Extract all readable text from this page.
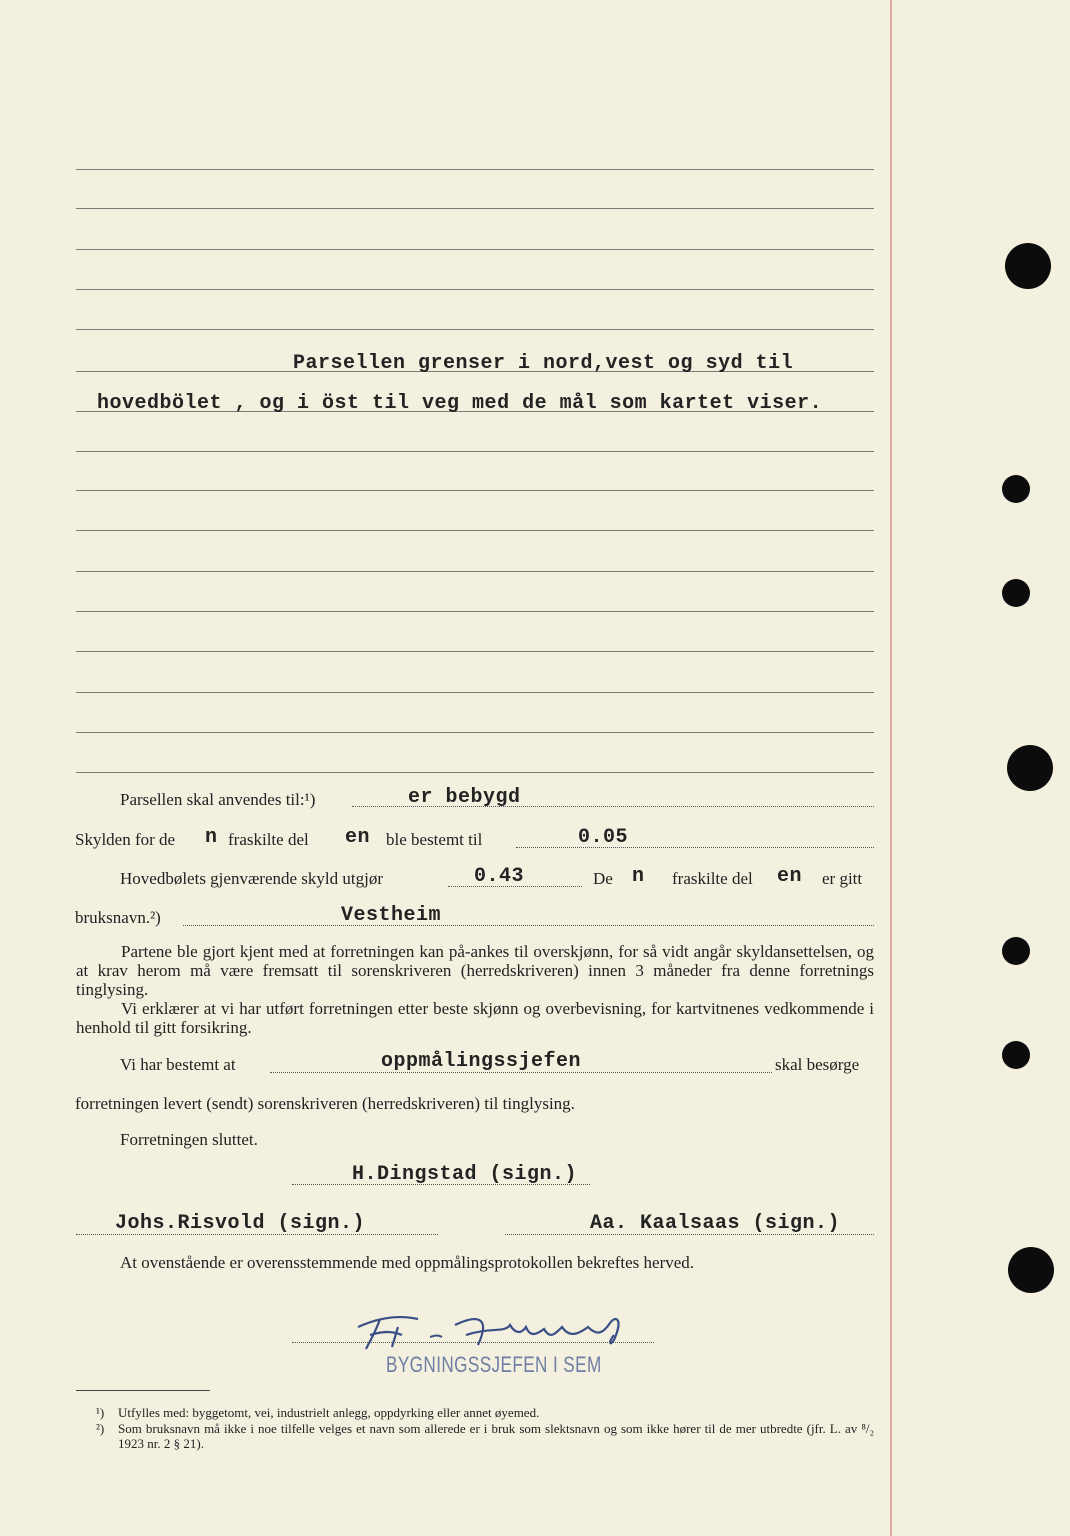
Parsellen grenser i nord,vest og syd til
hovedbölet , og i öst til veg med de mål som kartet viser.
Parsellen skal anvendes til:¹)	er bebygd
Skylden for de n fraskilte del en ble bestemt til	0.05
Hovedbølets gjenværende skyld utgjør	0.43	De n fraskilte del en er gitt
bruksnavn.²)	Vestheim
Partene ble gjort kjent med at forretningen kan på-ankes til overskjønn, for så vidt angår skyldansettelsen, og at krav herom må være fremsatt til sorenskriveren (herredskriveren) innen 3 måneder fra denne forretnings tinglysing.
Vi erklærer at vi har utført forretningen etter beste skjønn og overbevisning, for kartvitnenes vedkommende i henhold til gitt forsikring.
Vi har bestemt at	oppmålingssjefen	skal besørge
forretningen levert (sendt) sorenskriveren (herredskriveren) til tinglysing.
Forretningen sluttet.
H.Dingstad (sign.)
Johs.Risvold (sign.)	Aa. Kaalsaas (sign.)
At ovenstående er overensstemmende med oppmålingsprotokollen bekreftes herved.
BYGNINGSSJEFEN I SEM
¹) Utfylles med: byggetomt, vei, industrielt anlegg, oppdyrking eller annet øyemed.
²) Som bruksnavn må ikke i noe tilfelle velges et navn som allerede er i bruk som slektsnavn og som ikke hører til de mer utbredte (jfr. L. av ⁸/₂ 1923 nr. 2 § 21).
